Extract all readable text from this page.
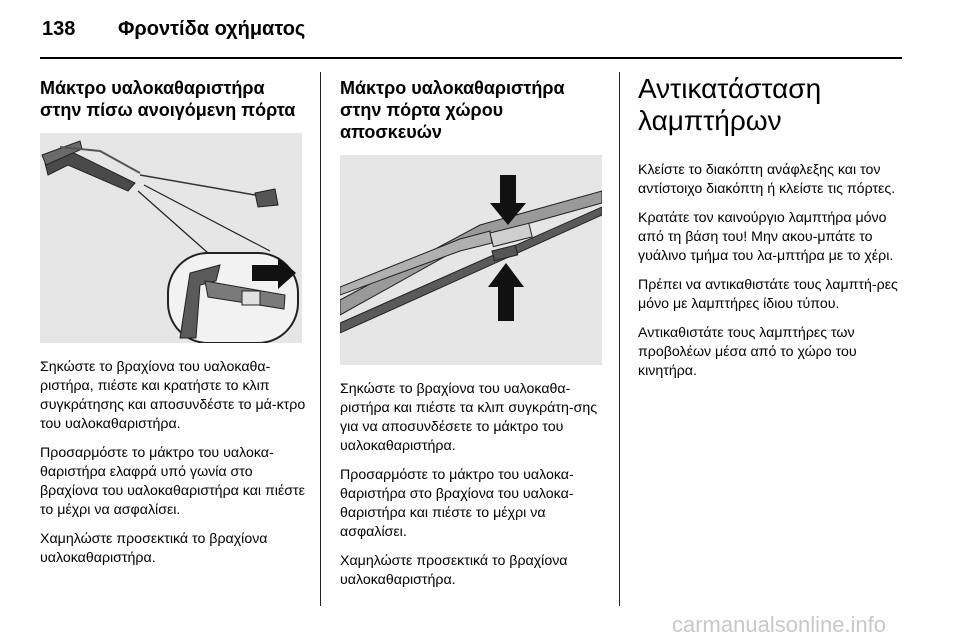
138 Φροντίδα οχήματος
Μάκτρο υαλοκαθαριστήρα στην πίσω ανοιγόμενη πόρτα

Σηκώστε το βραχίονα του υαλοκαθα-ριστήρα, πιέστε και κρατήστε το κλιπ συγκράτησης και αποσυνδέστε το μά-κτρο του υαλοκαθαριστήρα.

Προσαρμόστε το μάκτρο του υαλοκα-θαριστήρα ελαφρά υπό γωνία στο βραχίονα του υαλοκαθαριστήρα και πιέστε το μέχρι να ασφαλίσει.

Χαμηλώστε προσεκτικά το βραχίονα υαλοκαθαριστήρα.

Μάκτρο υαλοκαθαριστήρα στην πόρτα χώρου αποσκευών

Σηκώστε το βραχίονα του υαλοκαθα-ριστήρα και πιέστε τα κλιπ συγκράτη-σης για να αποσυνδέσετε το μάκτρο του υαλοκαθαριστήρα.

Προσαρμόστε το μάκτρο του υαλοκα-θαριστήρα στο βραχίονα του υαλοκα-θαριστήρα και πιέστε το μέχρι να ασφαλίσει.

Χαμηλώστε προσεκτικά το βραχίονα υαλοκαθαριστήρα.

Αντικατάσταση λαμπτήρων

Κλείστε το διακόπτη ανάφλεξης και τον αντίστοιχο διακόπτη ή κλείστε τις πόρτες.

Κρατάτε τον καινούργιο λαμπτήρα μόνο από τη βάση του! Μην ακου-μπάτε το γυάλινο τμήμα του λα-μπτήρα με το χέρι.

Πρέπει να αντικαθιστάτε τους λαμπτή-ρες μόνο με λαμπτήρες ίδιου τύπου.

Αντικαθιστάτε τους λαμπτήρες των προβολέων μέσα από το χώρο του κινητήρα.

carmanualsonline.info
